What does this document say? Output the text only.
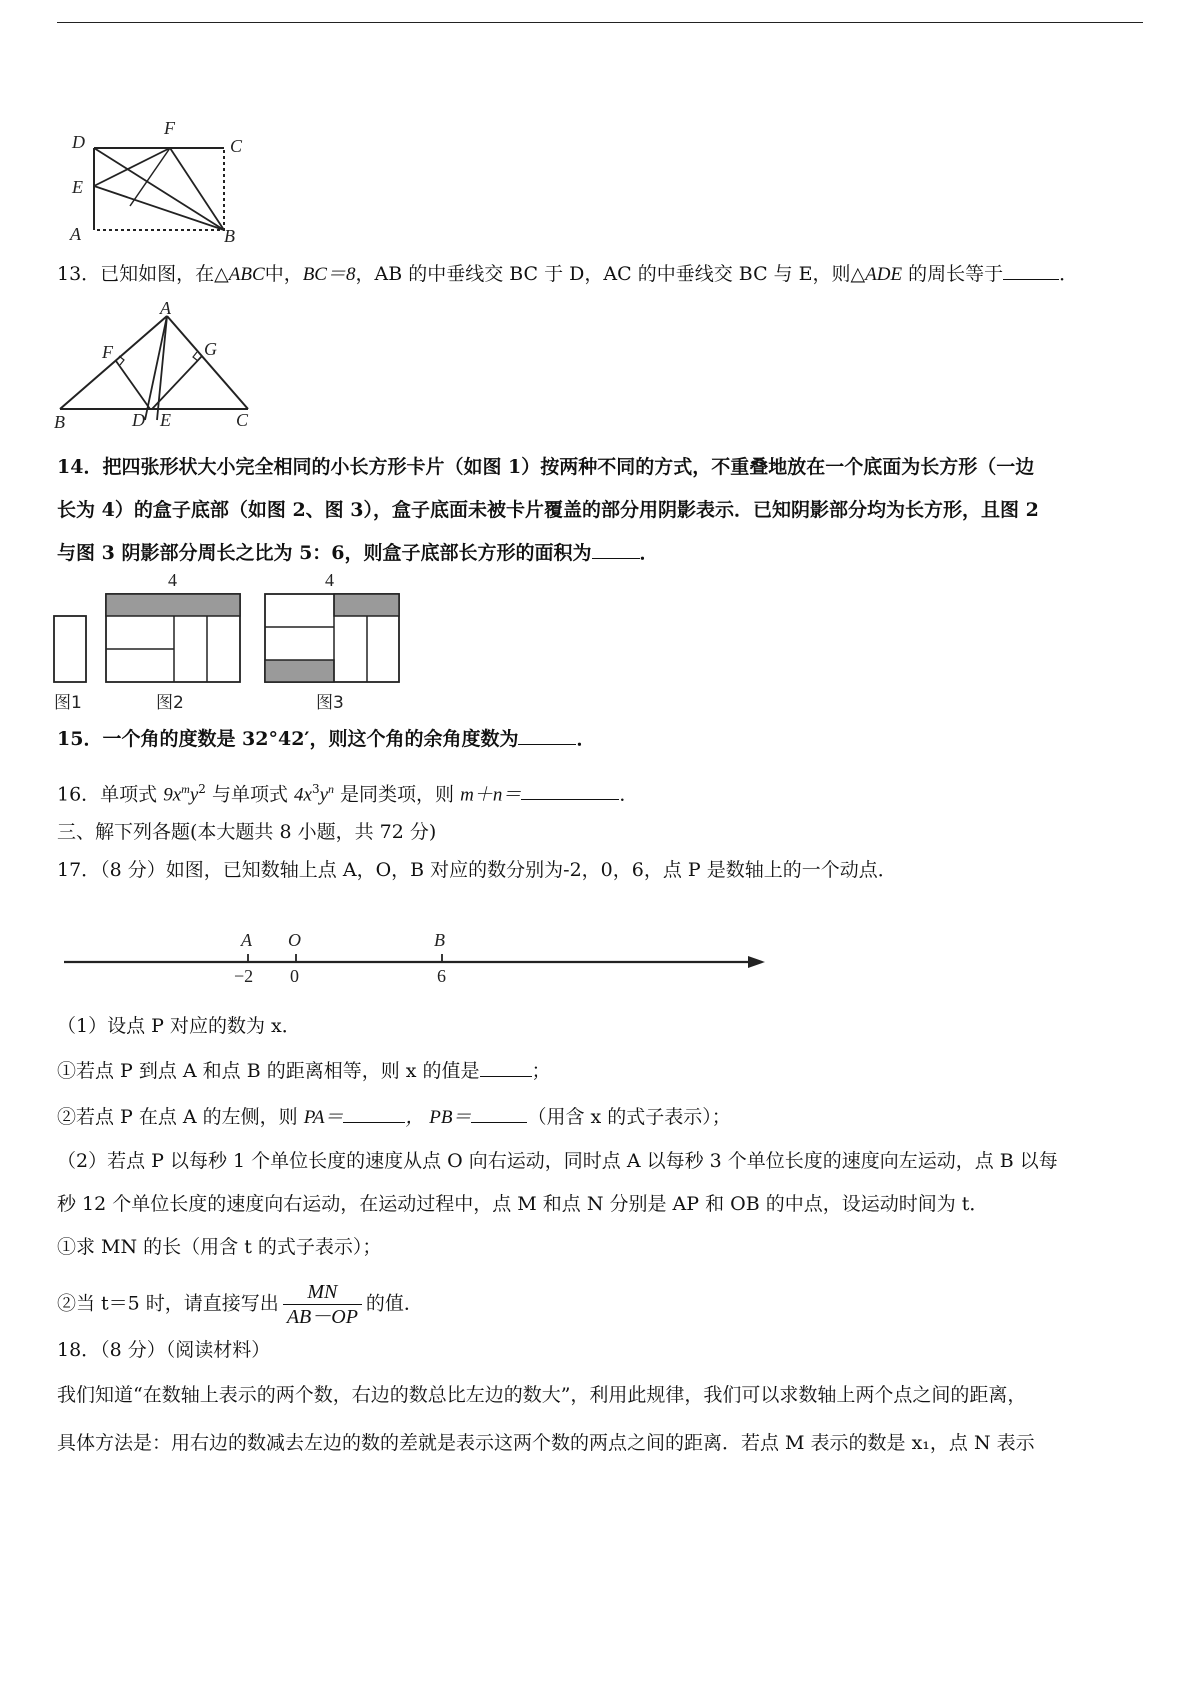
D
F
C
E
A	B
13．已知如图，在△ABC中，BC＝8，AB 的中垂线交 BC 于 D，AC 的中垂线交 BC 与 E，则△ADE 的周长等于	．
A
F	G
B	D E	C
14．把四张形状大小完全相同的小长方形卡片（如图 1）按两种不同的方式，不重叠地放在一个底面为长方形（一边
长为 4）的盒子底部（如图 2、图 3），盒子底面未被卡片覆盖的部分用阴影表示．已知阴影部分均为长方形，且图 2
与图 3 阴影部分周长之比为 5：6，则盒子底部长方形的面积为	．
图1
4
图2
4
图3
15．一个角的度数是 32°42′，则这个角的余角度数为	．
16．单项式 $9x^my^2$ 与单项式 $4x^3y^n$ 是同类项，则 m＋n＝	．
三、解下列各题(本大题共 8 小题，共 72 分)
17．（8 分）如图，已知数轴上点 A，O，B 对应的数分别为-2，0，6，点 P 是数轴上的一个动点．
A O	B
−2 0	6
（1）设点 P 对应的数为 x．
①若点 P 到点 A 和点 B 的距离相等，则 x 的值是	；
②若点 P 在点 A 的左侧，则 PA＝	， PB＝	（用含 x 的式子表示）；
（2）若点 P 以每秒 1 个单位长度的速度从点 O 向右运动，同时点 A 以每秒 3 个单位长度的速度向左运动，点 B 以每
秒 12 个单位长度的速度向右运动，在运动过程中，点 M 和点 N 分别是 AP 和 OB 的中点，设运动时间为 t．
①求 MN 的长（用含 t 的式子表示）；
②当 t＝5 时，请直接写出 $\frac{MN}{AB-OP}$ 的值．
18．（8 分）（阅读材料）
我们知道“在数轴上表示的两个数，右边的数总比左边的数大”，利用此规律，我们可以求数轴上两个点之间的距离，
具体方法是：用右边的数减去左边的数的差就是表示这两个数的两点之间的距离．若点 M 表示的数是 x₁，点 N 表示
